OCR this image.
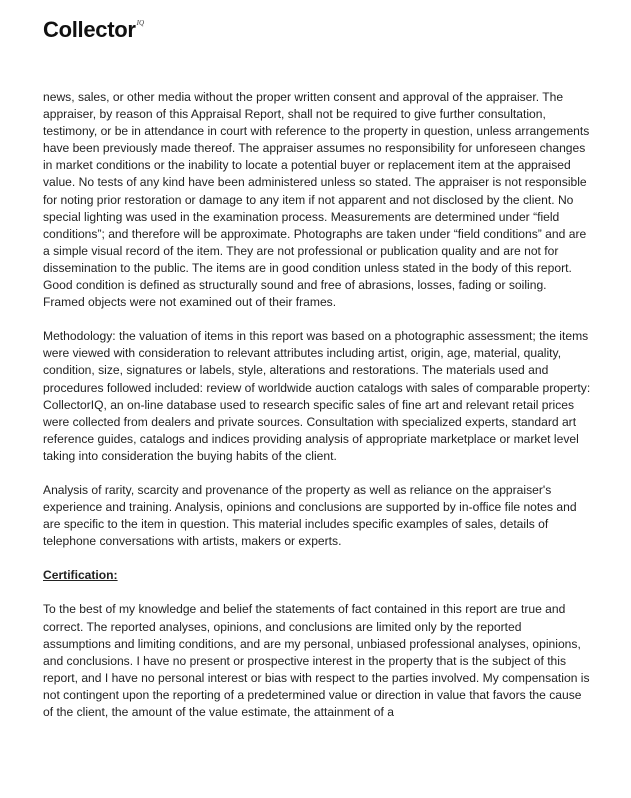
Collector IQ

news, sales, or other media without the proper written consent and approval of the appraiser. The appraiser, by reason of this Appraisal Report, shall not be required to give further consultation, testimony, or be in attendance in court with reference to the property in question, unless arrangements have been previously made thereof. The appraiser assumes no responsibility for unforeseen changes in market conditions or the inability to locate a potential buyer or replacement item at the appraised value. No tests of any kind have been administered unless so stated. The appraiser is not responsible for noting prior restoration or damage to any item if not apparent and not disclosed by the client. No special lighting was used in the examination process. Measurements are determined under “field conditions”; and therefore will be approximate. Photographs are taken under “field conditions” and are a simple visual record of the item. They are not professional or publication quality and are not for dissemination to the public. The items are in good condition unless stated in the body of this report. Good condition is defined as structurally sound and free of abrasions, losses, fading or soiling. Framed objects were not examined out of their frames.

Methodology: the valuation of items in this report was based on a photographic assessment; the items were viewed with consideration to relevant attributes including artist, origin, age, material, quality, condition, size, signatures or labels, style, alterations and restorations. The materials used and procedures followed included: review of worldwide auction catalogs with sales of comparable property: CollectorIQ, an on-line database used to research specific sales of fine art and relevant retail prices were collected from dealers and private sources. Consultation with specialized experts, standard art reference guides, catalogs and indices providing analysis of appropriate marketplace or market level taking into consideration the buying habits of the client.

Analysis of rarity, scarcity and provenance of the property as well as reliance on the appraiser's experience and training. Analysis, opinions and conclusions are supported by in-office file notes and are specific to the item in question. This material includes specific examples of sales, details of telephone conversations with artists, makers or experts.

Certification:

To the best of my knowledge and belief the statements of fact contained in this report are true and correct. The reported analyses, opinions, and conclusions are limited only by the reported assumptions and limiting conditions, and are my personal, unbiased professional analyses, opinions, and conclusions. I have no present or prospective interest in the property that is the subject of this report, and I have no personal interest or bias with respect to the parties involved. My compensation is not contingent upon the reporting of a predetermined value or direction in value that favors the cause of the client, the amount of the value estimate, the attainment of a
